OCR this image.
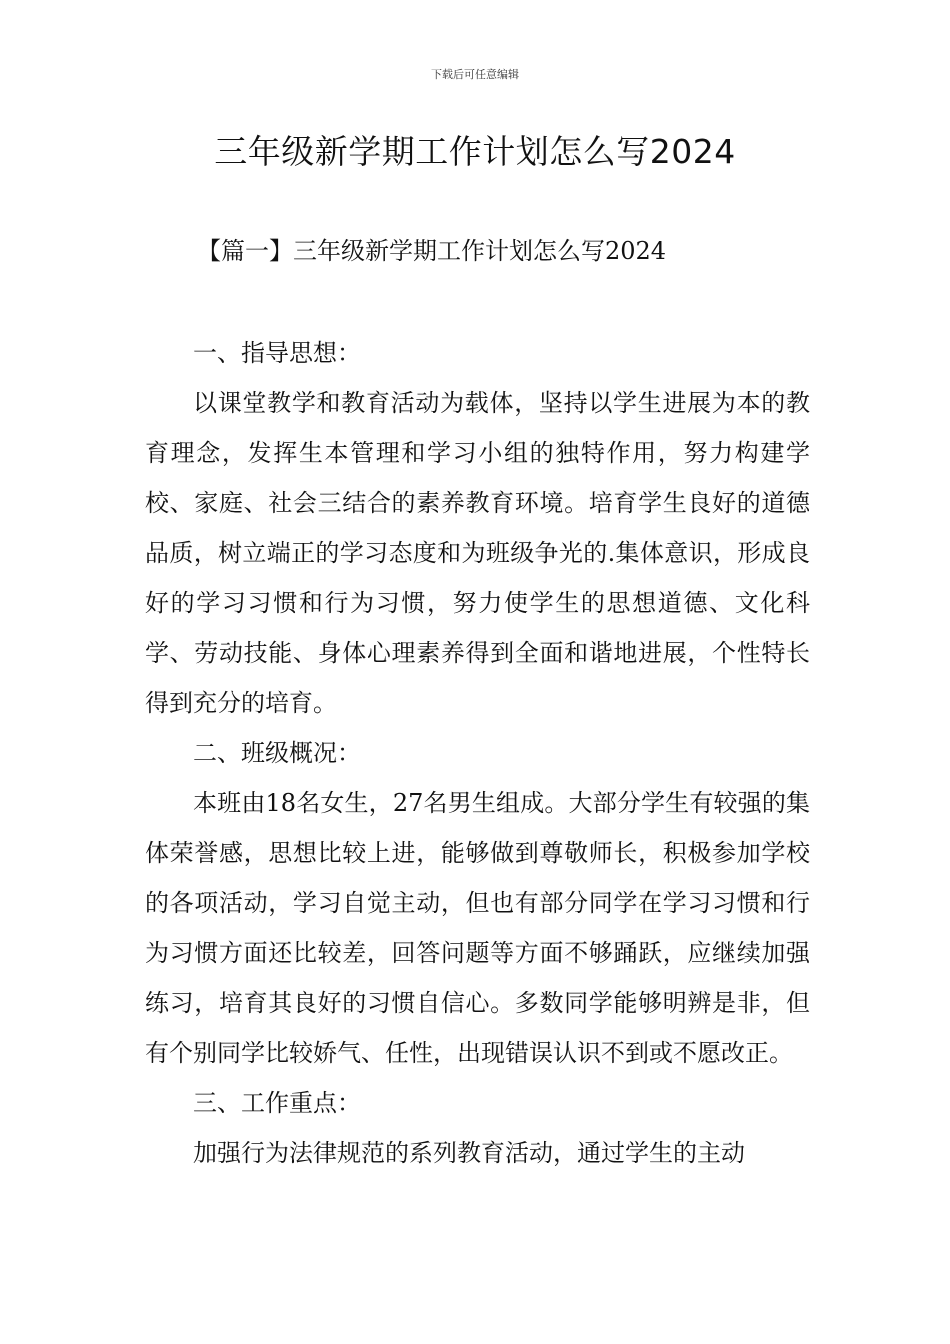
下载后可任意编辑
三年级新学期工作计划怎么写2024
【篇一】三年级新学期工作计划怎么写2024

一、指导思想：

以课堂教学和教育活动为载体，坚持以学生进展为本的教育理念，发挥生本管理和学习小组的独特作用，努力构建学校、家庭、社会三结合的素养教育环境。培育学生良好的道德品质，树立端正的学习态度和为班级争光的.集体意识，形成良好的学习习惯和行为习惯，努力使学生的思想道德、文化科学、劳动技能、身体心理素养得到全面和谐地进展，个性特长得到充分的培育。

二、班级概况：

本班由18名女生，27名男生组成。大部分学生有较强的集体荣誉感，思想比较上进，能够做到尊敬师长，积极参加学校的各项活动，学习自觉主动，但也有部分同学在学习习惯和行为习惯方面还比较差，回答问题等方面不够踊跃，应继续加强练习，培育其良好的习惯自信心。多数同学能够明辨是非，但有个别同学比较娇气、任性，出现错误认识不到或不愿改正。

三、工作重点：

加强行为法律规范的系列教育活动，通过学生的主动
